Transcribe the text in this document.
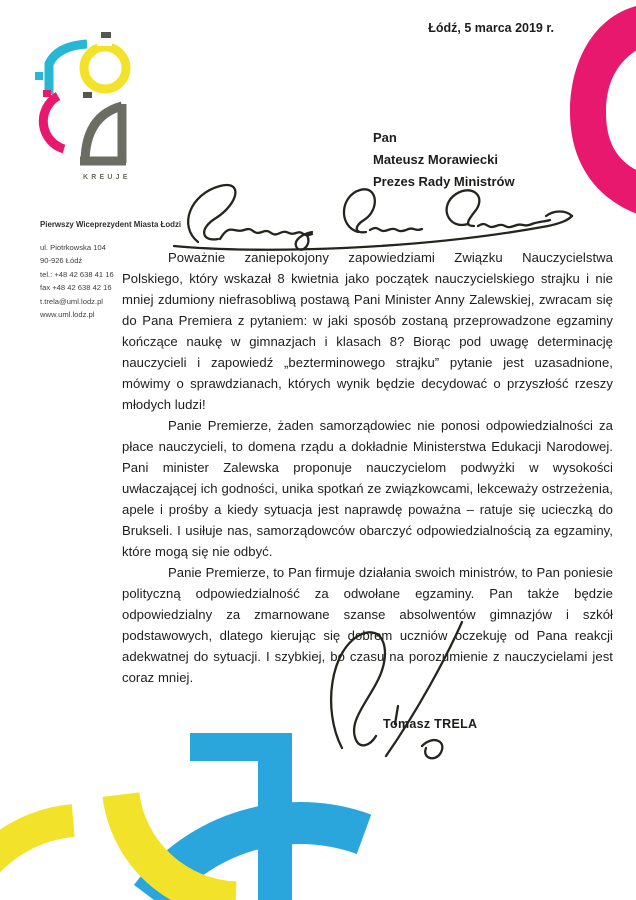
KREUJE
Łódź, 5 marca 2019 r.
Pierwszy Wiceprezydent Miasta Łodzi
ul. Piotrkowska 104
90-926 Łódź
tel.: +48 42 638 41 16
fax +48 42 638 42 16
t.trela@uml.lodz.pl
www.uml.lodz.pl
Pan
Mateusz Morawiecki
Prezes Rady Ministrów

Poważnie zaniepokojony zapowiedziami Związku Nauczycielstwa Polskiego, który wskazał 8 kwietnia jako początek nauczycielskiego strajku i nie mniej zdumiony niefrasobliwą postawą Pani Minister Anny Zalewskiej, zwracam się do Pana Premiera z pytaniem: w jaki sposób zostaną przeprowadzone egzaminy kończące naukę w gimnazjach i klasach 8? Biorąc pod uwagę determinację nauczycieli i zapowiedź „bezterminowego strajku” pytanie jest uzasadnione, mówimy o sprawdzianach, których wynik będzie decydować o przyszłość rzeszy młodych ludzi!

Panie Premierze, żaden samorządowiec nie ponosi odpowiedzialności za płace nauczycieli, to domena rządu a dokładnie Ministerstwa Edukacji Narodowej. Pani minister Zalewska proponuje nauczycielom podwyżki w wysokości uwłaczającej ich godności, unika spotkań ze związkowcami, lekceważy ostrzeżenia, apele i prośby a kiedy sytuacja jest naprawdę poważna – ratuje się ucieczką do Brukseli. I usiłuje nas, samorządowców obarczyć odpowiedzialnością za egzaminy, które mogą się nie odbyć.

Panie Premierze, to Pan firmuje działania swoich ministrów, to Pan poniesie polityczną odpowiedzialność za odwołane egzaminy. Pan także będzie odpowiedzialny za zmarnowane szanse absolwentów gimnazjów i szkół podstawowych, dlatego kierując się dobrem uczniów oczekuję od Pana reakcji adekwatnej do sytuacji. I szybkiej, bo czasu na porozumienie z nauczycielami jest coraz mniej.

Tomasz TRELA
